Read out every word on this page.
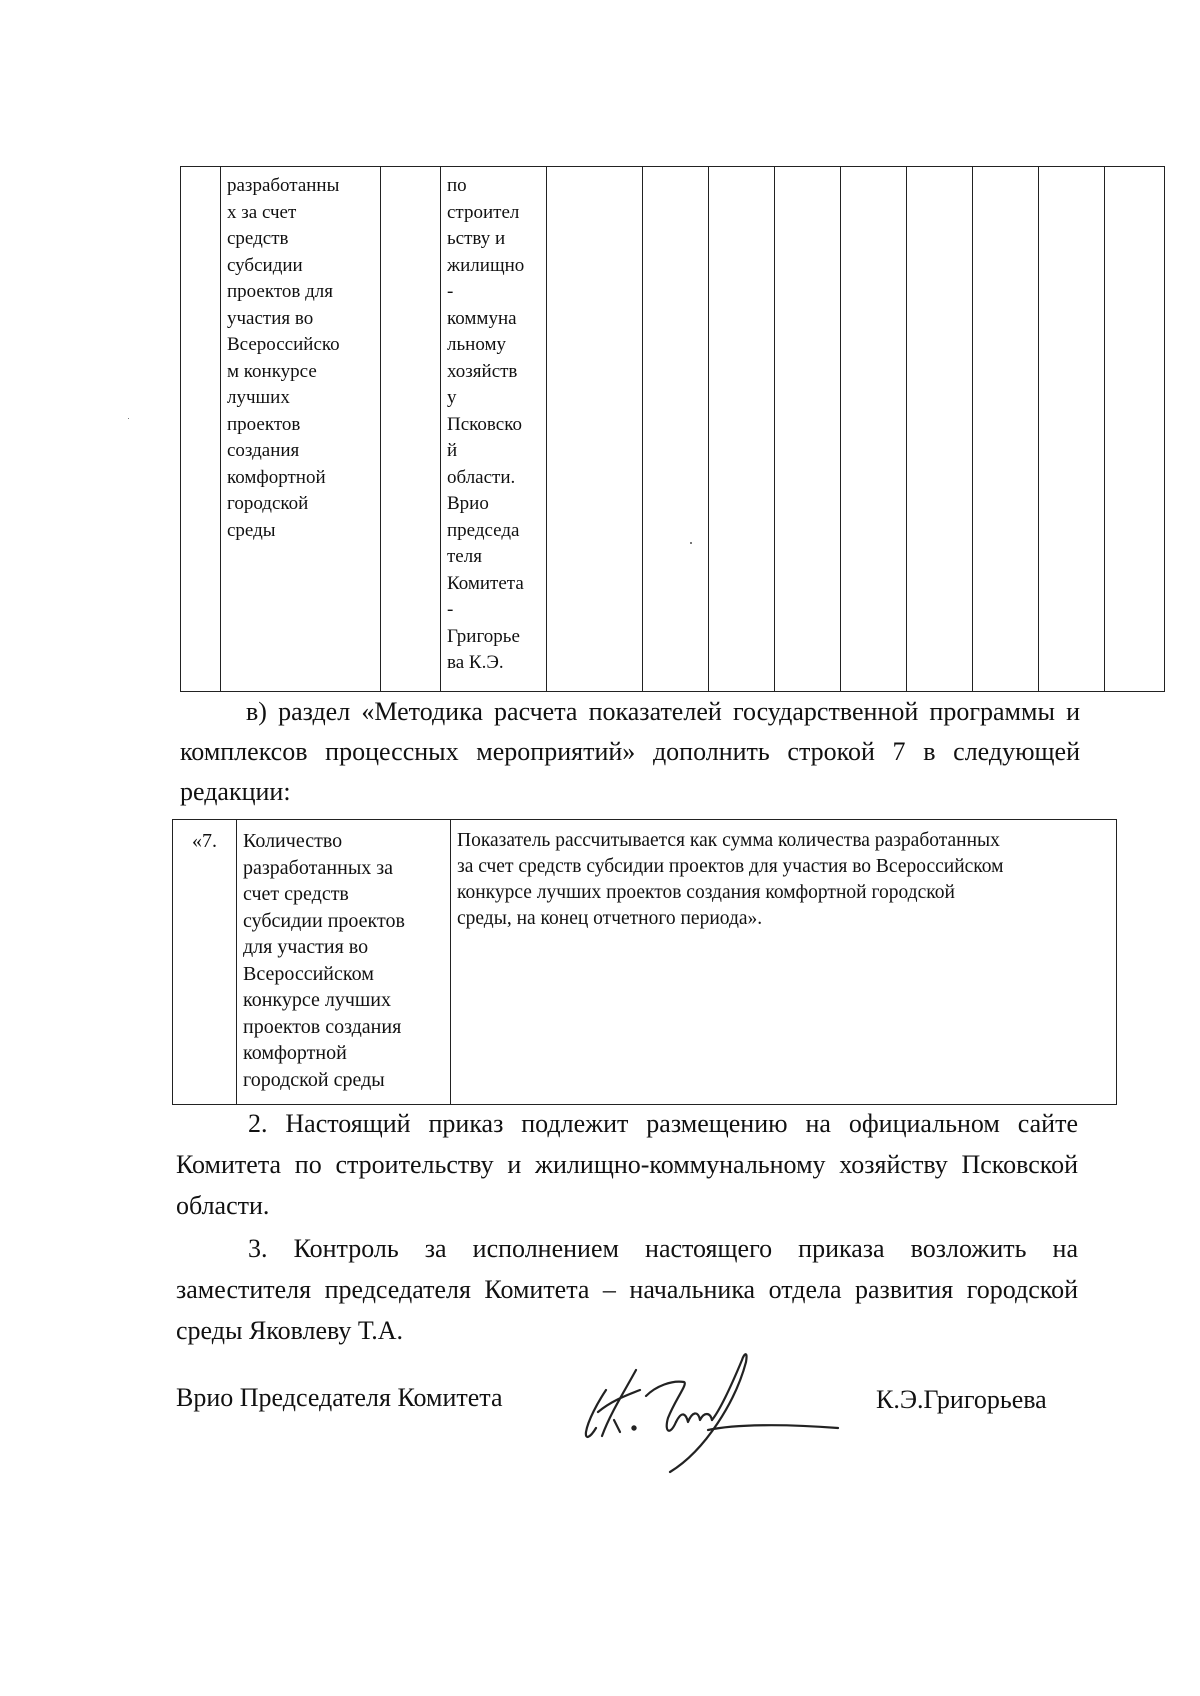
	разработанны
х за счет
средств
субсидии
проектов для
участия во
Всероссийско
м конкурсе
лучших
проектов
создания
комфортной
городской
среды		по
строител
ьству и
жилищно
-
коммуна
льному
хозяйств
у
Псковско
й
области.
Врио
председа
теля
Комитета
-
Григорье
ва К.Э.									
в) раздел «Методика расчета показателей государственной программы и комплексов процессных мероприятий» дополнить строкой 7 в следующей редакции:
«7.	Количество
разработанных за
счет средств
субсидии проектов
для участия во
Всероссийском
конкурсе лучших
проектов создания
комфортной
городской среды	Показатель рассчитывается как сумма количества разработанных
за счет средств субсидии проектов для участия во Всероссийском
конкурсе лучших проектов создания комфортной городской
среды, на конец отчетного периода».
2. Настоящий приказ подлежит размещению на официальном сайте Комитета по строительству и жилищно-коммунальному хозяйству Псковской области.
3. Контроль за исполнением настоящего приказа возложить на заместителя председателя Комитета – начальника отдела развития городской среды Яковлеву Т.А.
Врио Председателя Комитета	К.Э.Григорьева
